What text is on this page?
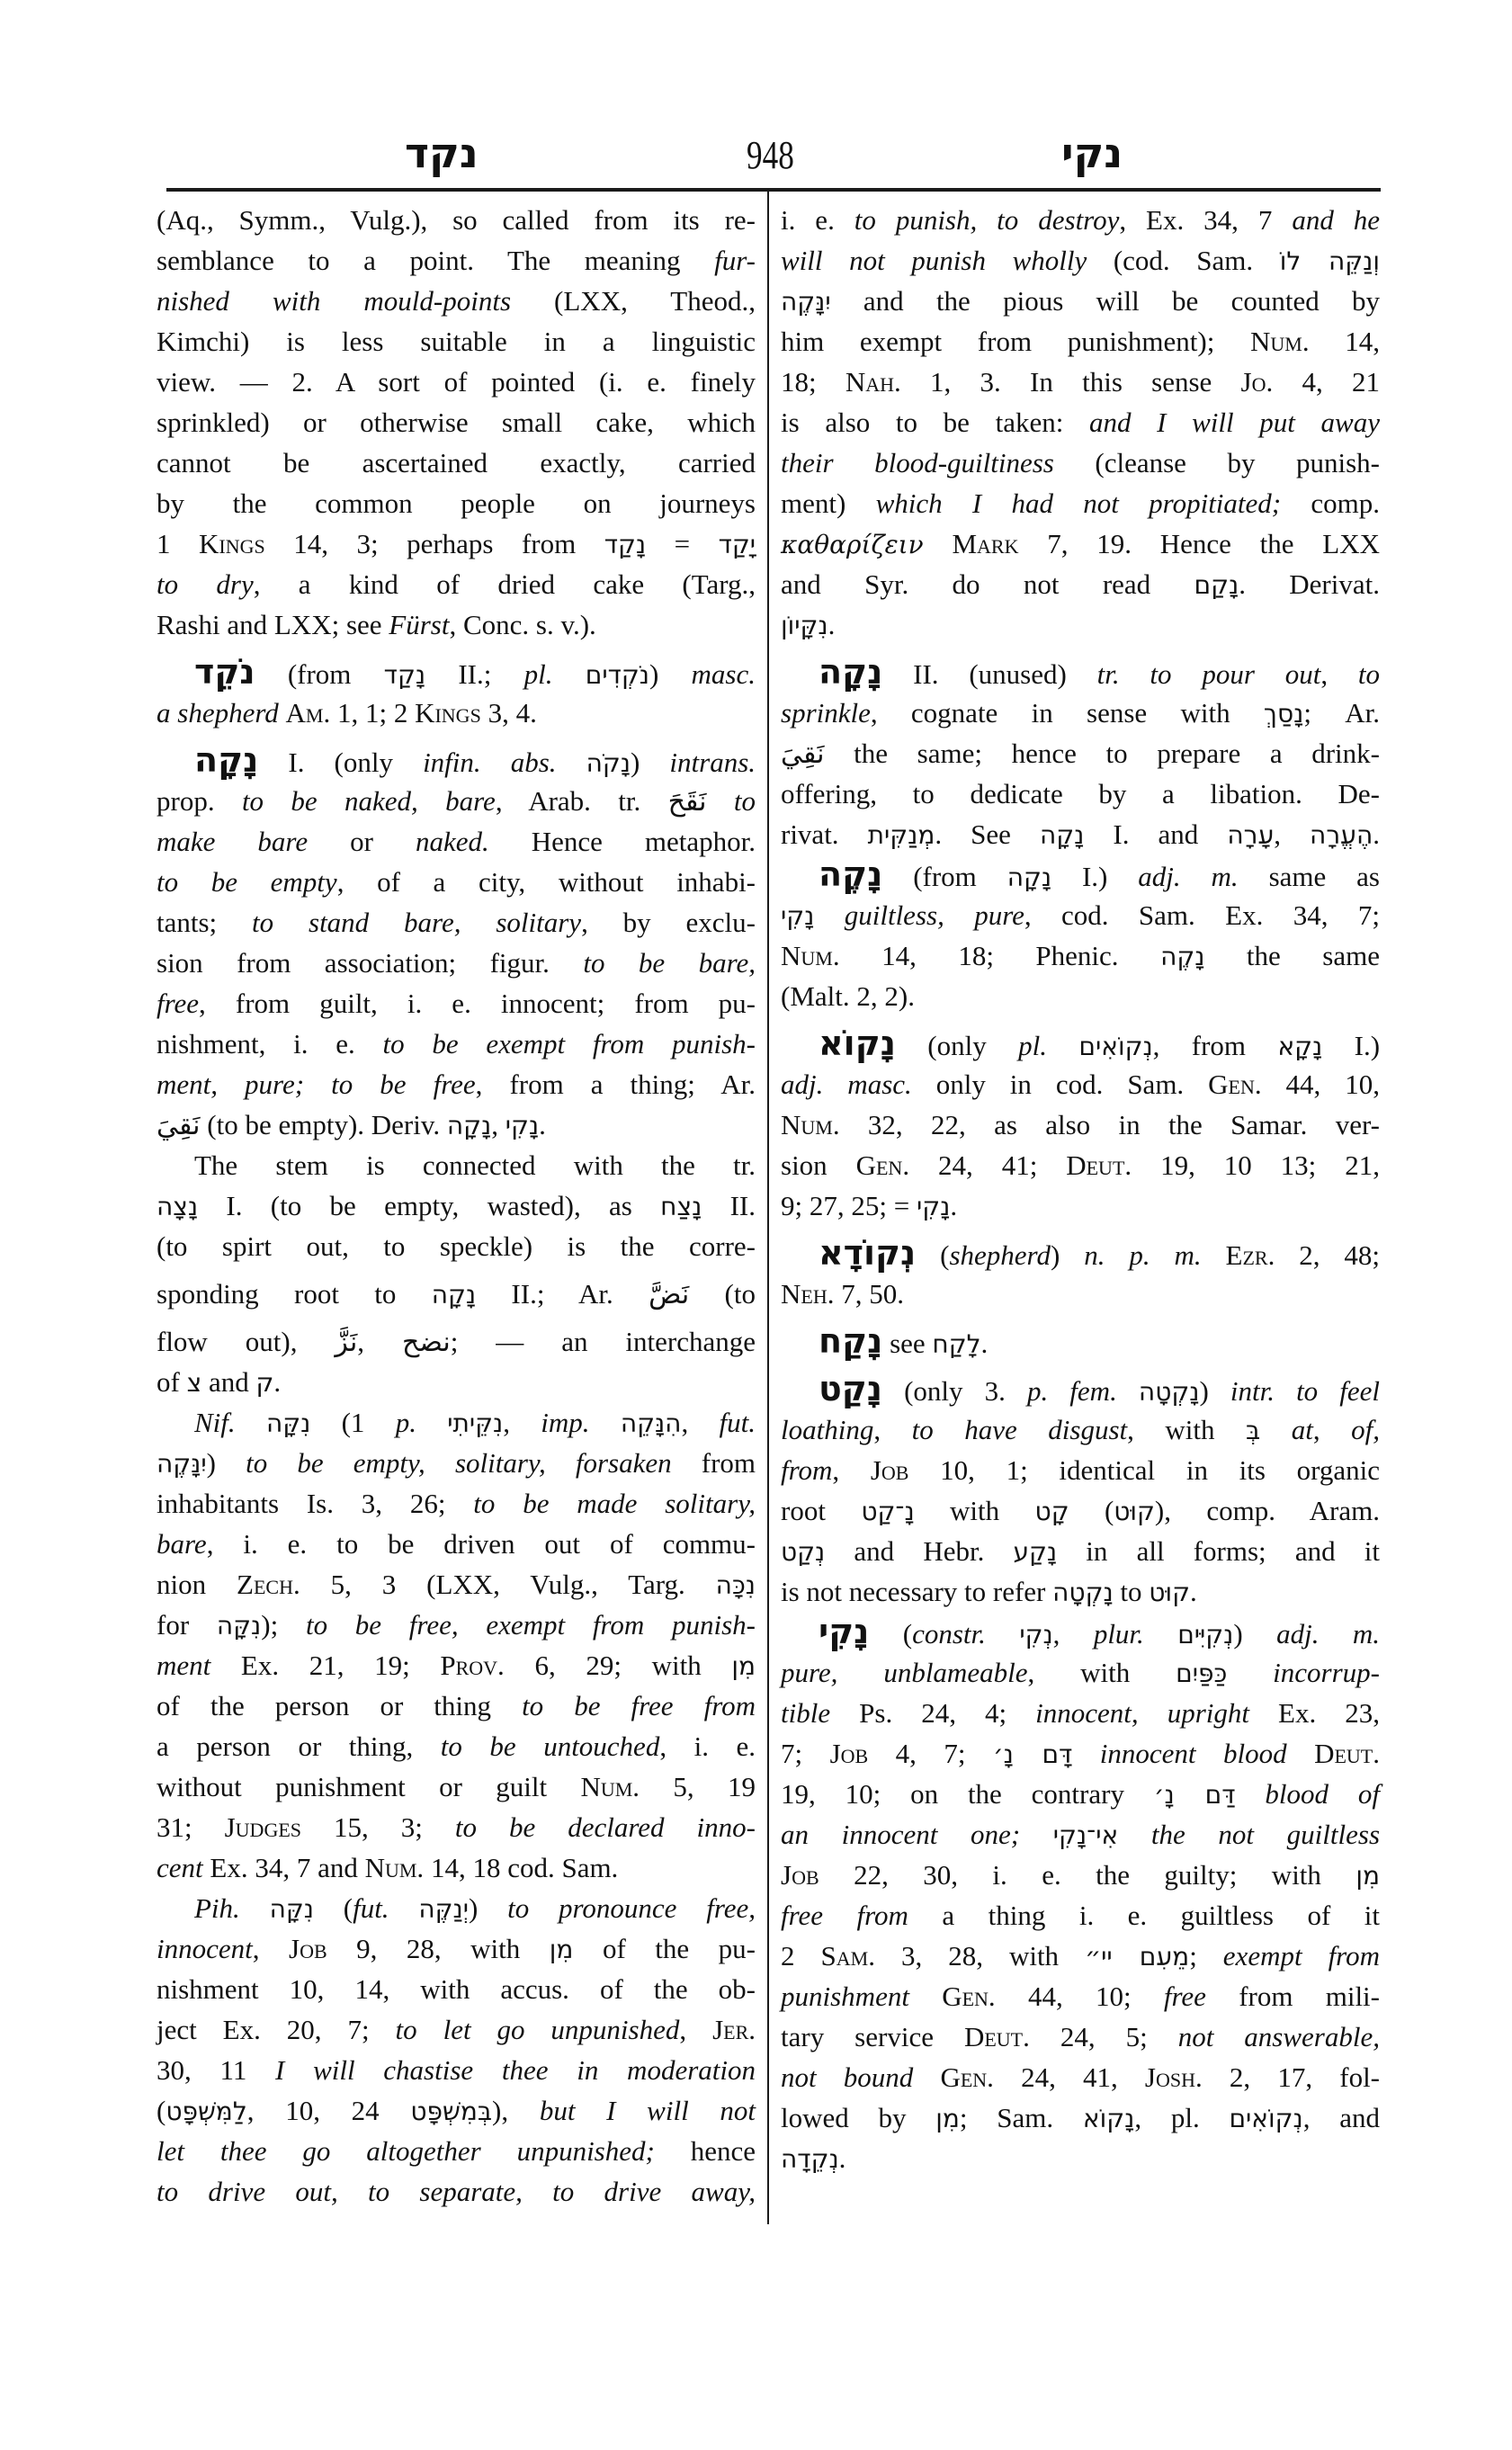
נקד	948	נקי
(Aq., Symm., Vulg.), so called from its re-
semblance to a point. The meaning fur-
nished with mould-points (LXX, Theod.,
Kimchi) is less suitable in a linguistic
view. — 2. A sort of pointed (i. e. finely
sprinkled) or otherwise small cake, which
cannot be ascertained exactly, carried
by the common people on journeys
1 Kings 14, 3; perhaps from נָקַד = יָקַד
to dry, a kind of dried cake (Targ.,
Rashi and LXX; see Fürst, Conc. s. v.).
נֹקֵד (from נָקַד II.; pl. נֹקְדִים) masc.
a shepherd Am. 1, 1; 2 Kings 3, 4.
נָקָה I. (only infin. abs. נָקֹה) intrans.
prop. to be naked, bare, Arab. tr. نَقَحَ to
make bare or naked. Hence metaphor.
to be empty, of a city, without inhabi-
tants; to stand bare, solitary, by exclu-
sion from association; figur. to be bare,
free, from guilt, i. e. innocent; from pu-
nishment, i. e. to be exempt from punish-
ment, pure; to be free, from a thing; Ar.
نَقِيَ (to be empty). Deriv. נָקָה, נָקִי.
The stem is connected with the tr.
נָצָה I. (to be empty, wasted), as נָצַח II.
(to spirt out, to speckle) is the corre-
sponding root to נָקָה II.; Ar. نَضَّ (to
flow out), نَزَّ, نضح; — an interchange
of צ and ק.
Nif. נִקָּה (1 p. נִקֵּיתִי, imp. הִנָּקֵה, fut.
יִנָּקֶה) to be empty, solitary, forsaken from
inhabitants Is. 3, 26; to be made solitary,
bare, i. e. to be driven out of commu-
nion Zech. 5, 3 (LXX, Vulg., Targ. נִכָּה
for נִקָּה); to be free, exempt from punish-
ment Ex. 21, 19; Prov. 6, 29; with מִן
of the person or thing to be free from
a person or thing, to be untouched, i. e.
without punishment or guilt Num. 5, 19
31; Judges 15, 3; to be declared inno-
cent Ex. 34, 7 and Num. 14, 18 cod. Sam.
Pih. נִקָּה (fut. יְנַקֶּה) to pronounce free,
innocent, Job 9, 28, with מִן of the pu-
nishment 10, 14, with accus. of the ob-
ject Ex. 20, 7; to let go unpunished, Jer.
30, 11 I will chastise thee in moderation
(לַמִּשְׁפָּט, 10, 24 בְּמִשְׁפָּט), but I will not
let thee go altogether unpunished; hence
to drive out, to separate, to drive away,
i. e. to punish, to destroy, Ex. 34, 7 and he
will not punish wholly (cod. Sam. וְנַקֵּה לוֹ
יִנָּקֶה and the pious will be counted by
him exempt from punishment); Num. 14,
18; Nah. 1, 3. In this sense Jo. 4, 21
is also to be taken: and I will put away
their blood-guiltiness (cleanse by punish-
ment) which I had not propitiated; comp.
καθαρίζειν Mark 7, 19. Hence the LXX
and Syr. do not read נָקַם. Derivat.
נִקָּיוֹן.
נָקָה II. (unused) tr. to pour out, to
sprinkle, cognate in sense with נָסַךְ; Ar.
نَقِيَ the same; hence to prepare a drink-
offering, to dedicate by a libation. De-
rivat. מְנַקִּית. See נָקָה I. and עָרָה, הֶעֱרָה.
נָקֶה (from נָקָה I.) adj. m. same as
נָקִי guiltless, pure, cod. Sam. Ex. 34, 7;
Num. 14, 18; Phenic. נָקֶה the same
(Malt. 2, 2).
נָקוֹא (only pl. נְקוֹאִים, from נָקָא I.)
adj. masc. only in cod. Sam. Gen. 44, 10,
Num. 32, 22, as also in the Samar. ver-
sion Gen. 24, 41; Deut. 19, 10 13; 21,
9; 27, 25; = נָקִי.
נְקוֹדָא (shepherd) n. p. m. Ezr. 2, 48;
Neh. 7, 50.
נָקַח see לָקַח.
נָקַט (only 3. p. fem. נָקְטָה) intr. to feel
loathing, to have disgust, with בְּ at, of,
from, Job 10, 1; identical in its organic
root נָ־קַט with קָט (קוּט), comp. Aram.
נְקַט and Hebr. נָקַע in all forms; and it
is not necessary to refer נָקְטָה to קוּט.
נָקִי (constr. נְקִי, plur. נְקִיִּים) adj. m.
pure, unblameable, with כַּפַּיִם incorrup-
tible Ps. 24, 4; innocent, upright Ex. 23,
7; Job 4, 7; דָּם נָ׳ innocent blood Deut.
19, 10; on the contrary דַּם נָ׳ blood of
an innocent one; אִי־נָקִי the not guiltless
Job 22, 30, i. e. the guilty; with מִן
free from a thing i. e. guiltless of it
2 Sam. 3, 28, with מֵעִם יי״; exempt from
punishment Gen. 44, 10; free from mili-
tary service Deut. 24, 5; not answerable,
not bound Gen. 24, 41, Josh. 2, 17, fol-
lowed by מִן; Sam. נָקוֹא, pl. נְקוֹאִים, and
נְקֵדָה.
